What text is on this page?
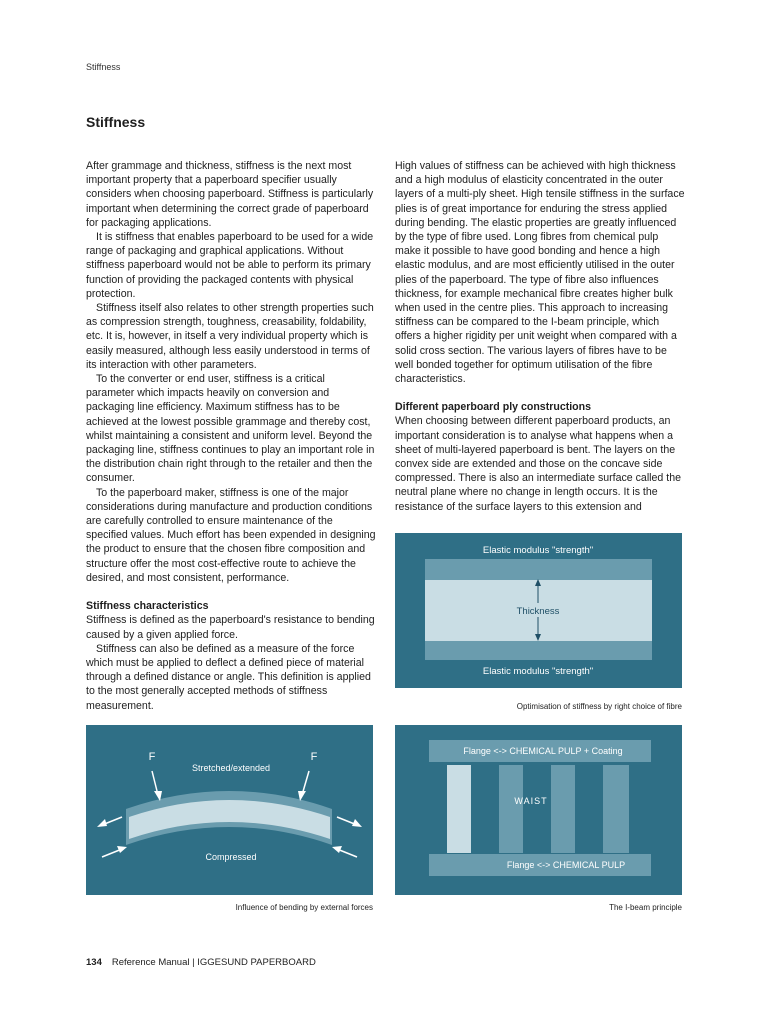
Stiffness
Stiffness

After grammage and thickness, stiffness is the next most important property that a paperboard specifier usually considers when choosing paperboard. Stiffness is particularly important when determining the correct grade of paperboard for packaging applications.

It is stiffness that enables paperboard to be used for a wide range of packaging and graphical applications. Without stiffness paperboard would not be able to perform its primary function of providing the packaged contents with physical protection.

Stiffness itself also relates to other strength properties such as compression strength, toughness, creasability, foldability, etc. It is, however, in itself a very individual property which is easily measured, although less easily understood in terms of its interaction with other parameters.

To the converter or end user, stiffness is a critical parameter which impacts heavily on conversion and packaging line efficiency. Maximum stiffness has to be achieved at the lowest possible grammage and thereby cost, whilst maintaining a consistent and uniform level. Beyond the packaging line, stiffness continues to play an important role in the distribution chain right through to the retailer and then the consumer.

To the paperboard maker, stiffness is one of the major considerations during manufacture and production conditions are carefully controlled to ensure maintenance of the specified values. Much effort has been expended in designing the product to ensure that the chosen fibre composition and structure offer the most cost-effective route to achieve the desired, and most consistent, performance.

Stiffness characteristics

Stiffness is defined as the paperboard's resistance to bending caused by a given applied force.

Stiffness can also be defined as a measure of the force which must be applied to deflect a defined piece of material through a defined distance or angle. This definition is applied to the most generally accepted methods of stiffness measurement.

High values of stiffness can be achieved with high thickness and a high modulus of elasticity concentrated in the outer layers of a multi-ply sheet. High tensile stiffness in the surface plies is of great importance for enduring the stress applied during bending. The elastic properties are greatly influenced by the type of fibre used. Long fibres from chemical pulp make it possible to have good bonding and hence a high elastic modulus, and are most efficiently utilised in the outer plies of the paperboard. The type of fibre also influences thickness, for example mechanical fibre creates higher bulk when used in the centre plies. This approach to increasing stiffness can be compared to the I-beam principle, which offers a higher rigidity per unit weight when compared with a solid cross section. The various layers of fibres have to be well bonded together for optimum utilisation of the fibre characteristics.

Different paperboard ply constructions

When choosing between different paperboard products, an important consideration is to analyse what happens when a sheet of multi-layered paperboard is bent. The layers on the convex side are extended and those on the concave side compressed. There is also an intermediate surface called the neutral plane where no change in length occurs. It is the resistance of the surface layers to this extension and

Elastic modulus "strength"
Thickness
Elastic modulus "strength"
Optimisation of stiffness by right choice of fibre
F	F
Stretched/extended
Compressed
Influence of bending by external forces
Flange <-> CHEMICAL PULP + Coating
WAIST
Flange <-> CHEMICAL PULP
The I-beam principle
134 Reference Manual | IGGESUND PAPERBOARD
